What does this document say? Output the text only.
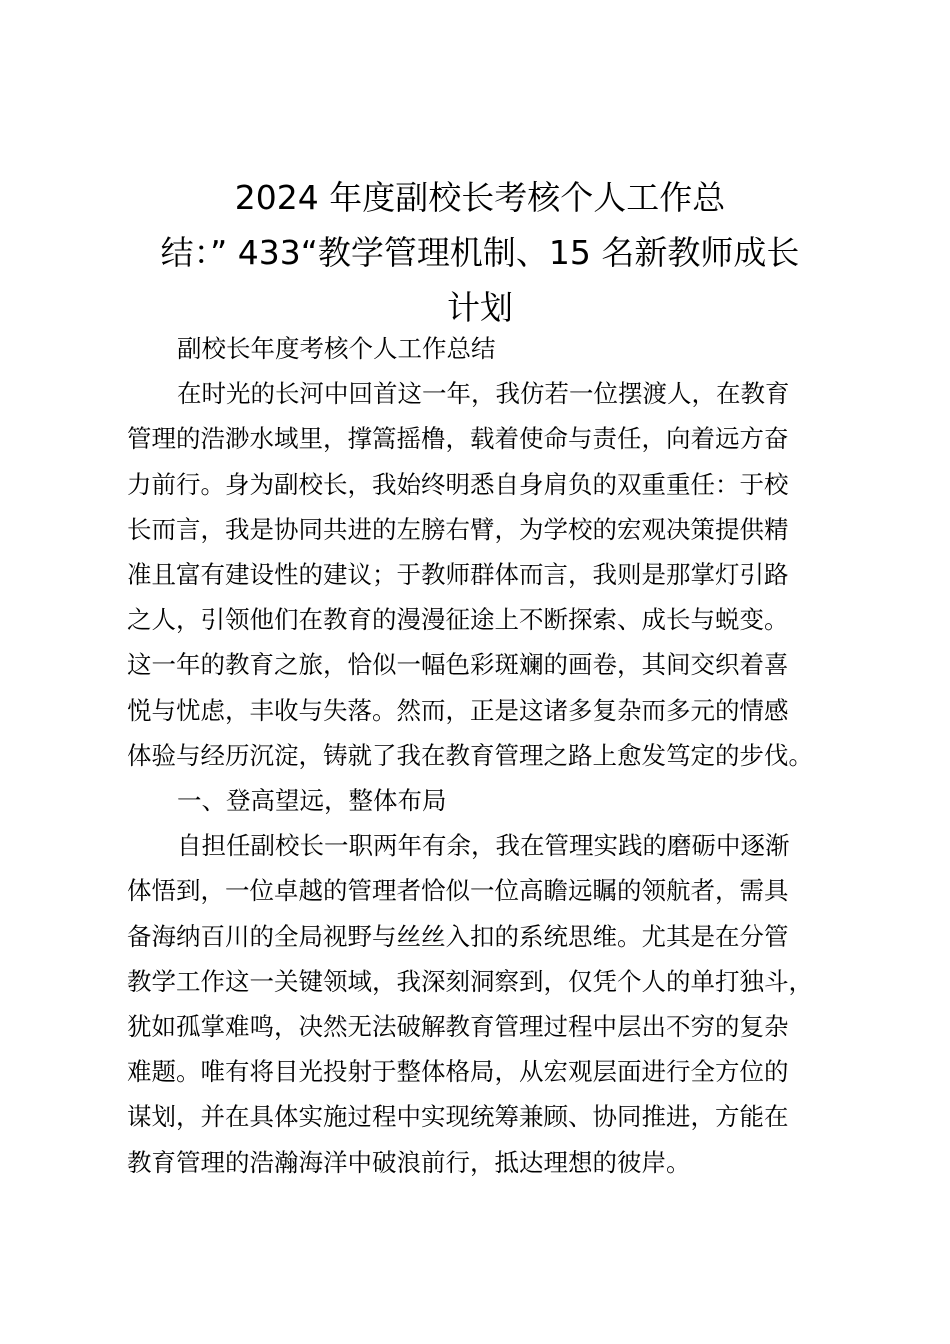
2024 年度副校长考核个人工作总
结：” 433“教学管理机制、15 名新教师成长
计划

副校长年度考核个人工作总结

在时光的长河中回首这一年，我仿若一位摆渡人，在教育
管理的浩渺水域里，撑篙摇橹，载着使命与责任，向着远方奋
力前行。身为副校长，我始终明悉自身肩负的双重重任：于校
长而言，我是协同共进的左膀右臂，为学校的宏观决策提供精
准且富有建设性的建议；于教师群体而言，我则是那掌灯引路
之人，引领他们在教育的漫漫征途上不断探索、成长与蜕变。
这一年的教育之旅，恰似一幅色彩斑斓的画卷，其间交织着喜
悦与忧虑，丰收与失落。然而，正是这诸多复杂而多元的情感
体验与经历沉淀，铸就了我在教育管理之路上愈发笃定的步伐。

一、登高望远，整体布局

自担任副校长一职两年有余，我在管理实践的磨砺中逐渐
体悟到，一位卓越的管理者恰似一位高瞻远瞩的领航者，需具
备海纳百川的全局视野与丝丝入扣的系统思维。尤其是在分管
教学工作这一关键领域，我深刻洞察到，仅凭个人的单打独斗，
犹如孤掌难鸣，决然无法破解教育管理过程中层出不穷的复杂
难题。唯有将目光投射于整体格局，从宏观层面进行全方位的
谋划，并在具体实施过程中实现统筹兼顾、协同推进，方能在
教育管理的浩瀚海洋中破浪前行，抵达理想的彼岸。
